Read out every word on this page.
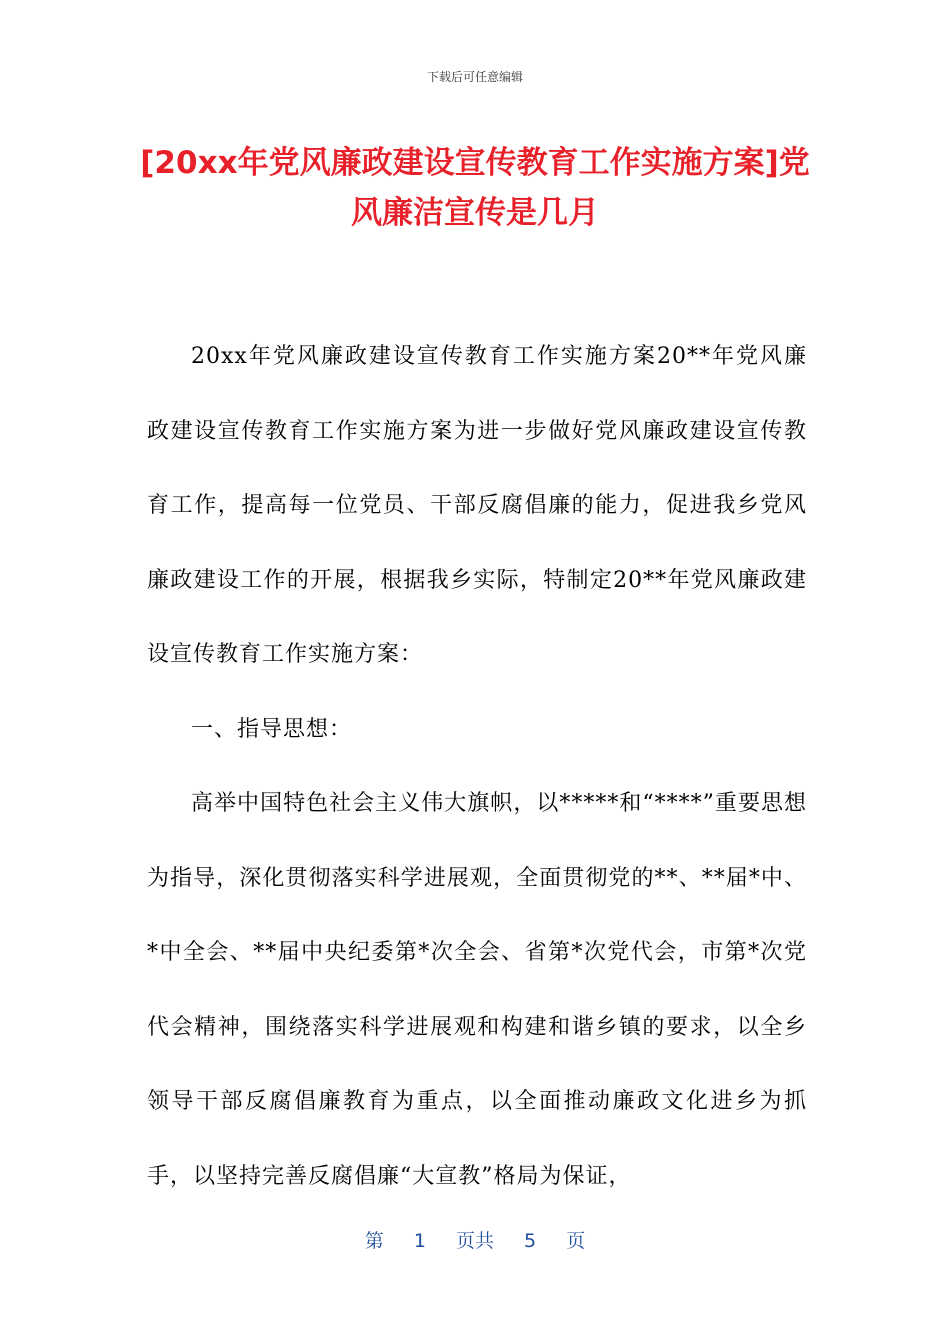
下载后可任意编辑
[20xx年党风廉政建设宣传教育工作实施方案]党风廉洁宣传是几月

20xx年党风廉政建设宣传教育工作实施方案20**年党风廉政建设宣传教育工作实施方案为进一步做好党风廉政建设宣传教育工作，提高每一位党员、干部反腐倡廉的能力，促进我乡党风廉政建设工作的开展，根据我乡实际，特制定20**年党风廉政建设宣传教育工作实施方案：

一、指导思想：

高举中国特色社会主义伟大旗帜，以*****和“****”重要思想为指导，深化贯彻落实科学进展观，全面贯彻党的**、**届*中、*中全会、**届中央纪委第*次全会、省第*次党代会，市第*次党代会精神，围绕落实科学进展观和构建和谐乡镇的要求，以全乡领导干部反腐倡廉教育为重点，以全面推动廉政文化进乡为抓手，以坚持完善反腐倡廉“大宣教”格局为保证，

第 1 页共 5 页
